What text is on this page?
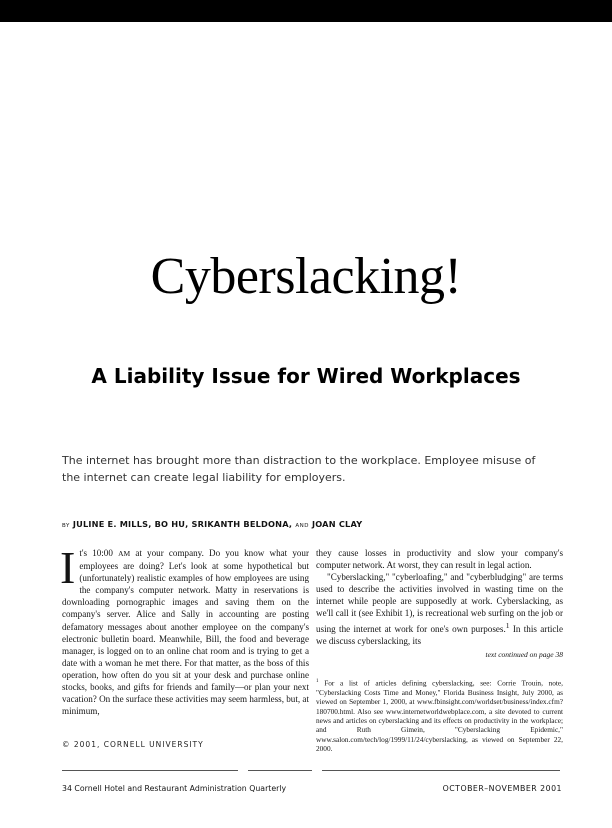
Cyberslacking!
A Liability Issue for Wired Workplaces
The internet has brought more than distraction to the workplace. Employee misuse of the internet can create legal liability for employers.
BY JULINE E. MILLS, BO HU, SRIKANTH BELDONA, AND JOAN CLAY

It's 10:00 AM at your company. Do you know what your employees are doing? Let's look at some hypothetical but (unfortunately) realistic examples of how employees are using the company's computer network. Matty in reservations is downloading pornographic images and saving them on the company's server. Alice and Sally in accounting are posting defamatory messages about another employee on the company's electronic bulletin board. Meanwhile, Bill, the food and beverage manager, is logged on to an online chat room and is trying to get a date with a woman he met there. For that matter, as the boss of this operation, how often do you sit at your desk and purchase online stocks, books, and gifts for friends and family—or plan your next vacation? On the surface these activities may seem harmless, but, at minimum,

they cause losses in productivity and slow your company's computer network. At worst, they can result in legal action.

"Cyberslacking," "cyberloafing," and "cyberbludging" are terms used to describe the activities involved in wasting time on the internet while people are supposedly at work. Cyberslacking, as we'll call it (see Exhibit 1), is recreational web surfing on the job or using the internet at work for one's own purposes.$^1$ In this article we discuss cyberslacking, its

text continued on page 38

$^1$ For a list of articles defining cyberslacking, see: Corrie Trouin, note, "Cyberslacking Costs Time and Money," Florida Business Insight, July 2000, as viewed on September 1, 2000, at www.fbinsight.com/worldset/business/index.cfm?180700.html. Also see www.internetworldwebplace.com, a site devoted to current news and articles on cyberslacking and its effects on productivity in the workplace; and Ruth Gimein, "Cyberslacking Epidemic," www.salon.com/tech/log/1999/11/24/cyberslacking, as viewed on September 22, 2000.
© 2001, CORNELL UNIVERSITY
34 Cornell Hotel and Restaurant Administration Quarterly	OCTOBER–NOVEMBER 2001
